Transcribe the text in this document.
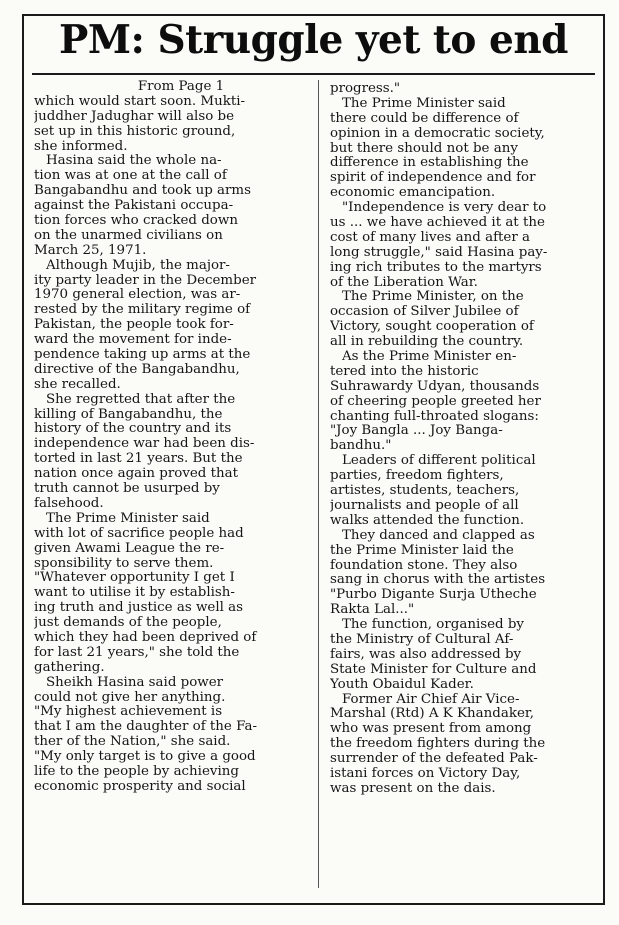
PM: Struggle yet to end
From Page 1
which would start soon. Mukti-
juddher Jadughar will also be
set up in this historic ground,
she informed.
Hasina said the whole na-
tion was at one at the call of
Bangabandhu and took up arms
against the Pakistani occupa-
tion forces who cracked down
on the unarmed civilians on
March 25, 1971.
Although Mujib, the major-
ity party leader in the December
1970 general election, was ar-
rested by the military regime of
Pakistan, the people took for-
ward the movement for inde-
pendence taking up arms at the
directive of the Bangabandhu,
she recalled.
She regretted that after the
killing of Bangabandhu, the
history of the country and its
independence war had been dis-
torted in last 21 years. But the
nation once again proved that
truth cannot be usurped by
falsehood.
The Prime Minister said
with lot of sacrifice people had
given Awami League the re-
sponsibility to serve them.
"Whatever opportunity I get I
want to utilise it by establish-
ing truth and justice as well as
just demands of the people,
which they had been deprived of
for last 21 years," she told the
gathering.
Sheikh Hasina said power
could not give her anything.
"My highest achievement is
that I am the daughter of the Fa-
ther of the Nation," she said.
"My only target is to give a good
life to the people by achieving
economic prosperity and social
progress."
The Prime Minister said
there could be difference of
opinion in a democratic society,
but there should not be any
difference in establishing the
spirit of independence and for
economic emancipation.
"Independence is very dear to
us ... we have achieved it at the
cost of many lives and after a
long struggle," said Hasina pay-
ing rich tributes to the martyrs
of the Liberation War.
The Prime Minister, on the
occasion of Silver Jubilee of
Victory, sought cooperation of
all in rebuilding the country.
As the Prime Minister en-
tered into the historic
Suhrawardy Udyan, thousands
of cheering people greeted her
chanting full-throated slogans:
"Joy Bangla ... Joy Banga-
bandhu."
Leaders of different political
parties, freedom fighters,
artistes, students, teachers,
journalists and people of all
walks attended the function.
They danced and clapped as
the Prime Minister laid the
foundation stone. They also
sang in chorus with the artistes
"Purbo Digante Surja Utheche
Rakta Lal..."
The function, organised by
the Ministry of Cultural Af-
fairs, was also addressed by
State Minister for Culture and
Youth Obaidul Kader.
Former Air Chief Air Vice-
Marshal (Rtd) A K Khandaker,
who was present from among
the freedom fighters during the
surrender of the defeated Pak-
istani forces on Victory Day,
was present on the dais.
